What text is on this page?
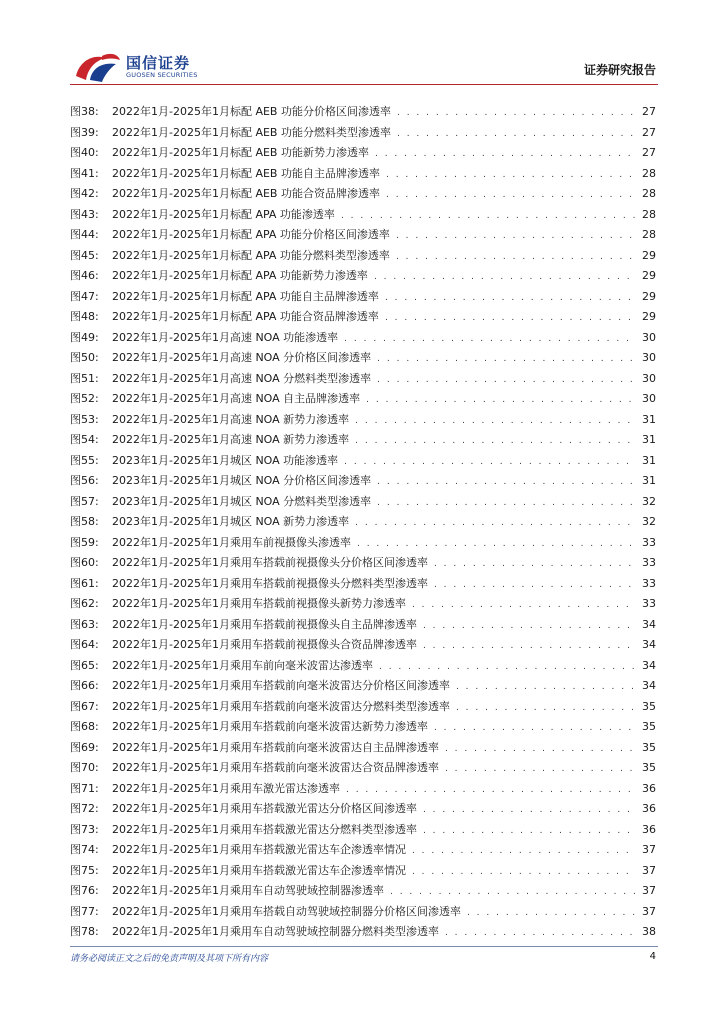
国信证券
GUOSEN SECURITIES	证券研究报告
图38:	2022年1月-2025年1月标配 AEB 功能分价格区间渗透率 . . .	27
图39:	2022年1月-2025年1月标配 AEB 功能分燃料类型渗透率 . . .	27
图40:	2022年1月-2025年1月标配 AEB 功能新势力渗透率 . . .	27
图41:	2022年1月-2025年1月标配 AEB 功能自主品牌渗透率 . . .	28
图42:	2022年1月-2025年1月标配 AEB 功能合资品牌渗透率 . . .	28
图43:	2022年1月-2025年1月标配 APA 功能渗透率 . . .	28
图44:	2022年1月-2025年1月标配 APA 功能分价格区间渗透率 . . .	28
图45:	2022年1月-2025年1月标配 APA 功能分燃料类型渗透率 . . .	29
图46:	2022年1月-2025年1月标配 APA 功能新势力渗透率 . . .	29
图47:	2022年1月-2025年1月标配 APA 功能自主品牌渗透率 . . .	29
图48:	2022年1月-2025年1月标配 APA 功能合资品牌渗透率 . . .	29
图49:	2022年1月-2025年1月高速 NOA 功能渗透率 . . .	30
图50:	2022年1月-2025年1月高速 NOA 分价格区间渗透率 . . .	30
图51:	2022年1月-2025年1月高速 NOA 分燃料类型渗透率 . . .	30
图52:	2022年1月-2025年1月高速 NOA 自主品牌渗透率 . . .	30
图53:	2022年1月-2025年1月高速 NOA 新势力渗透率 . . .	31
图54:	2022年1月-2025年1月高速 NOA 新势力渗透率 . . .	31
图55:	2023年1月-2025年1月城区 NOA 功能渗透率 . . .	31
图56:	2023年1月-2025年1月城区 NOA 分价格区间渗透率 . . .	31
图57:	2023年1月-2025年1月城区 NOA 分燃料类型渗透率 . . .	32
图58:	2023年1月-2025年1月城区 NOA 新势力渗透率 . . .	32
图59:	2022年1月-2025年1月乘用车前视摄像头渗透率 . . .	33
图60:	2022年1月-2025年1月乘用车搭载前视摄像头分价格区间渗透率 . . .	33
图61:	2022年1月-2025年1月乘用车搭载前视摄像头分燃料类型渗透率 . . .	33
图62:	2022年1月-2025年1月乘用车搭载前视摄像头新势力渗透率 . . .	33
图63:	2022年1月-2025年1月乘用车搭载前视摄像头自主品牌渗透率 . . .	34
图64:	2022年1月-2025年1月乘用车搭载前视摄像头合资品牌渗透率 . . .	34
图65:	2022年1月-2025年1月乘用车前向毫米波雷达渗透率 . . .	34
图66:	2022年1月-2025年1月乘用车搭载前向毫米波雷达分价格区间渗透率 . . .	34
图67:	2022年1月-2025年1月乘用车搭载前向毫米波雷达分燃料类型渗透率 . . .	35
图68:	2022年1月-2025年1月乘用车搭载前向毫米波雷达新势力渗透率 . . .	35
图69:	2022年1月-2025年1月乘用车搭载前向毫米波雷达自主品牌渗透率 . . .	35
图70:	2022年1月-2025年1月乘用车搭载前向毫米波雷达合资品牌渗透率 . . .	35
图71:	2022年1月-2025年1月乘用车激光雷达渗透率 . . .	36
图72:	2022年1月-2025年1月乘用车搭载激光雷达分价格区间渗透率 . . .	36
图73:	2022年1月-2025年1月乘用车搭载激光雷达分燃料类型渗透率 . . .	36
图74:	2022年1月-2025年1月乘用车搭载激光雷达车企渗透率情况 . . .	37
图75:	2022年1月-2025年1月乘用车搭载激光雷达车企渗透率情况 . . .	37
图76:	2022年1月-2025年1月乘用车自动驾驶域控制器渗透率 . . .	37
图77:	2022年1月-2025年1月乘用车搭载自动驾驶域控制器分价格区间渗透率 . . .	37
图78:	2022年1月-2025年1月乘用车自动驾驶域控制器分燃料类型渗透率 . . .	38
请务必阅读正文之后的免责声明及其项下所有内容	4
